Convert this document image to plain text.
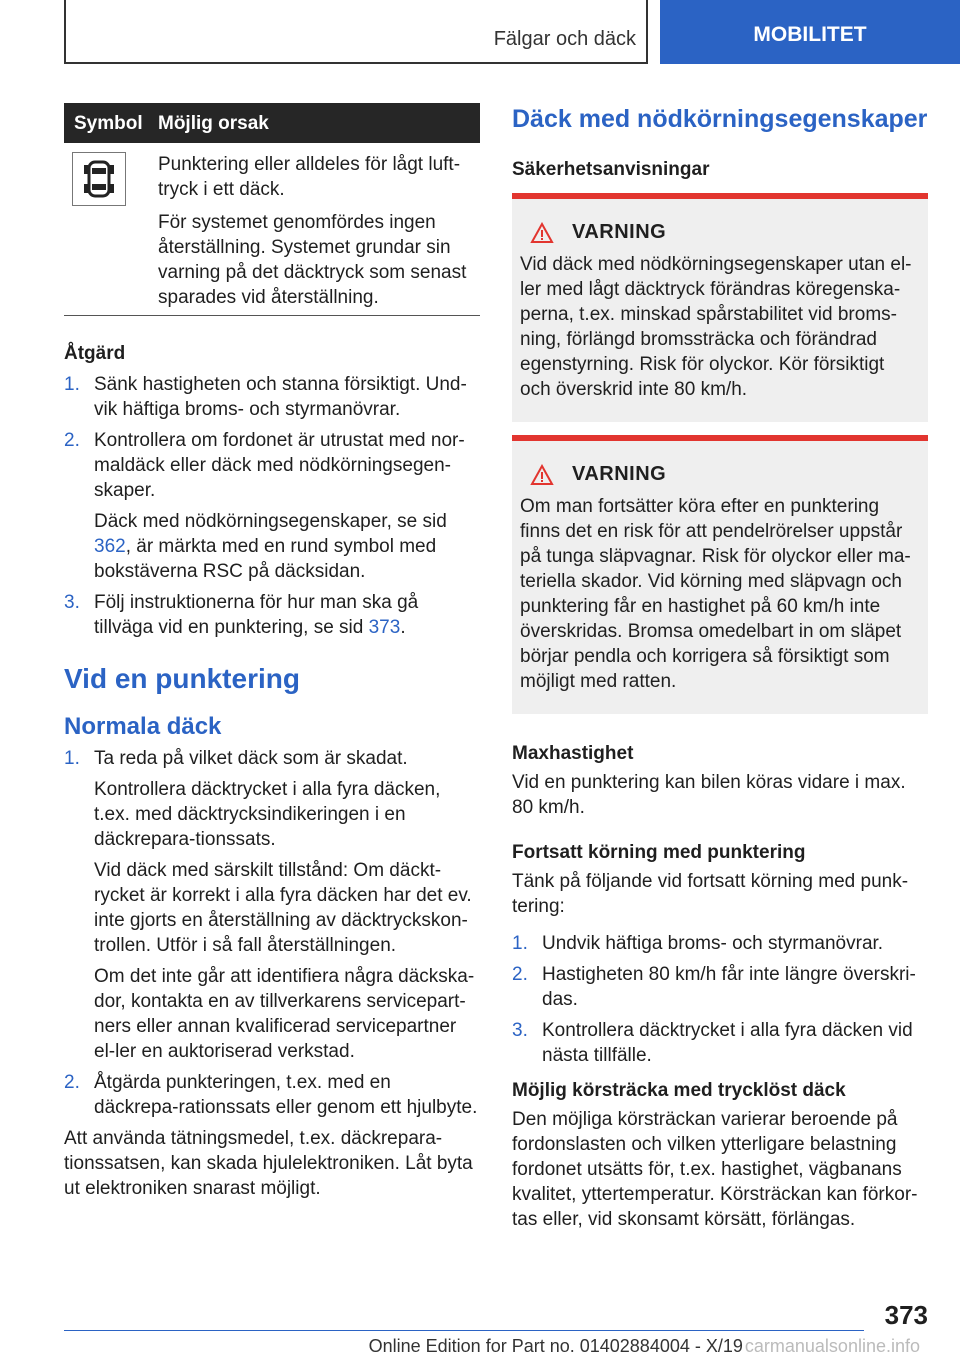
Fälgar och däck	MOBILITET
Symbol Möjlig orsak

Punktering eller alldeles för lågt luft-tryck i ett däck.

För systemet genomfördes ingen återställning. Systemet grundar sin varning på det däcktryck som senast sparades vid återställning.

Åtgärd
1. Sänk hastigheten och stanna försiktigt. Und-vik häftiga broms- och styrmanövrar.

2. Kontrollera om fordonet är utrustat med nor-maldäck eller däck med nödkörningsegen-skaper.

Däck med nödkörningsegenskaper, se sid 362, är märkta med en rund symbol med bokstäverna RSC på däcksidan.

3. Följ instruktionerna för hur man ska gå tillväga vid en punktering, se sid 373.

Vid en punktering
Normala däck
1. Ta reda på vilket däck som är skadat.

Kontrollera däcktrycket i alla fyra däcken, t.ex. med däcktrycksindikeringen i en däckrepara-tionssats.

Vid däck med särskilt tillstånd: Om däckt-rycket är korrekt i alla fyra däcken har det ev. inte gjorts en återställning av däcktryckskon-trollen. Utför i så fall återställningen.

Om det inte går att identifiera några däckska-dor, kontakta en av tillverkarens servicepart-ners eller annan kvalificerad servicepartner el-ler en auktoriserad verkstad.

2. Åtgärda punkteringen, t.ex. med en däckrepa-rationssats eller genom ett hjulbyte.

Att använda tätningsmedel, t.ex. däckrepara-tionssatsen, kan skada hjulelektroniken. Låt byta ut elektroniken snarast möjligt.

Däck med nödkörningsegenskaper
Säkerhetsanvisningar
VARNING

Vid däck med nödkörningsegenskaper utan el-ler med lågt däcktryck förändras köregenska-perna, t.ex. minskad spårstabilitet vid broms-ning, förlängd bromssträcka och förändrad egenstyrning. Risk för olyckor. Kör försiktigt och överskrid inte 80 km/h.

VARNING

Om man fortsätter köra efter en punktering finns det en risk för att pendelrörelser uppstår på tunga släpvagnar. Risk för olyckor eller ma-teriella skador. Vid körning med släpvagn och punktering får en hastighet på 60 km/h inte överskridas. Bromsa omedelbart in om släpet börjar pendla och korrigera så försiktigt som möjligt med ratten.

Maxhastighet

Vid en punktering kan bilen köras vidare i max. 80 km/h.

Fortsatt körning med punktering

Tänk på följande vid fortsatt körning med punk-tering:

1. Undvik häftiga broms- och styrmanövrar.

2. Hastigheten 80 km/h får inte längre överskri-das.

3. Kontrollera däcktrycket i alla fyra däcken vid nästa tillfälle.

Möjlig körsträcka med trycklöst däck

Den möjliga körsträckan varierar beroende på fordonslasten och vilken ytterligare belastning fordonet utsätts för, t.ex. hastighet, vägbanans kvalitet, yttertemperatur. Körsträckan kan förkor-tas eller, vid skonsamt körsätt, förlängas.

373
Online Edition for Part no. 01402884004 - X/19 carmanualsonline.info
